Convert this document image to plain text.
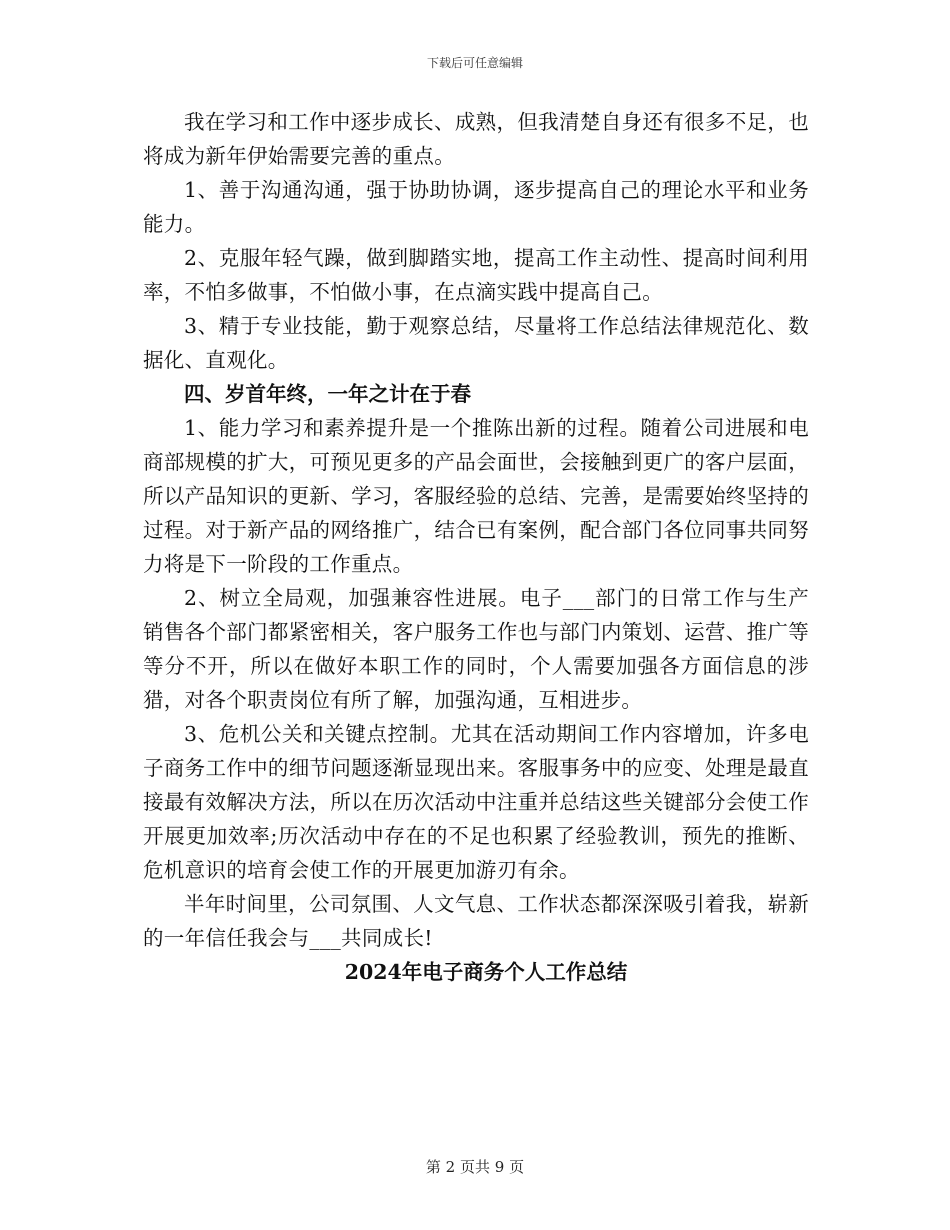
下载后可任意编辑

我在学习和工作中逐步成长、成熟，但我清楚自身还有很多不足，也将成为新年伊始需要完善的重点。

1、善于沟通沟通，强于协助协调，逐步提高自己的理论水平和业务能力。

2、克服年轻气躁，做到脚踏实地，提高工作主动性、提高时间利用率，不怕多做事，不怕做小事，在点滴实践中提高自己。

3、精于专业技能，勤于观察总结，尽量将工作总结法律规范化、数据化、直观化。

四、岁首年终，一年之计在于春

1、能力学习和素养提升是一个推陈出新的过程。随着公司进展和电商部规模的扩大，可预见更多的产品会面世，会接触到更广的客户层面，所以产品知识的更新、学习，客服经验的总结、完善，是需要始终坚持的过程。对于新产品的网络推广，结合已有案例，配合部门各位同事共同努力将是下一阶段的工作重点。

2、树立全局观，加强兼容性进展。电子___部门的日常工作与生产销售各个部门都紧密相关，客户服务工作也与部门内策划、运营、推广等等分不开，所以在做好本职工作的同时，个人需要加强各方面信息的涉猎，对各个职责岗位有所了解，加强沟通，互相进步。

3、危机公关和关键点控制。尤其在活动期间工作内容增加，许多电子商务工作中的细节问题逐渐显现出来。客服事务中的应变、处理是最直接最有效解决方法，所以在历次活动中注重并总结这些关键部分会使工作开展更加效率;历次活动中存在的不足也积累了经验教训，预先的推断、危机意识的培育会使工作的开展更加游刃有余。

半年时间里，公司氛围、人文气息、工作状态都深深吸引着我，崭新的一年信任我会与___共同成长!

2024年电子商务个人工作总结

第 2 页共 9 页
